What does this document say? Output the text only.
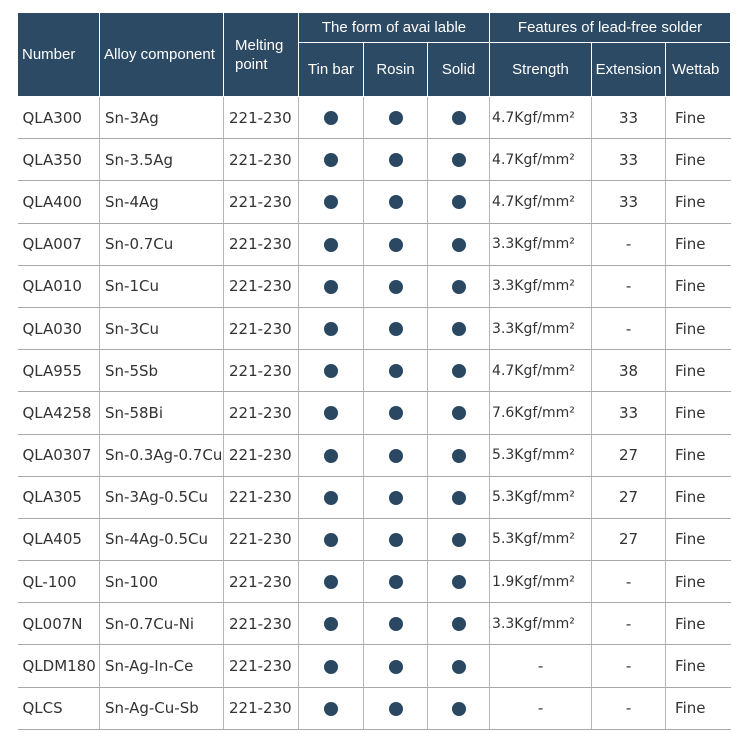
Number	Alloy component	Melting point	The form of avai lable			Features of lead-free solder		
			Tin bar	Rosin	Solid	Strength	Extension	Wettab
QLA300	Sn-3Ag	221-230				4.7Kgf/mm²	33	Fine
QLA350	Sn-3.5Ag	221-230				4.7Kgf/mm²	33	Fine
QLA400	Sn-4Ag	221-230				4.7Kgf/mm²	33	Fine
QLA007	Sn-0.7Cu	221-230				3.3Kgf/mm²	-	Fine
QLA010	Sn-1Cu	221-230				3.3Kgf/mm²	-	Fine
QLA030	Sn-3Cu	221-230				3.3Kgf/mm²	-	Fine
QLA955	Sn-5Sb	221-230				4.7Kgf/mm²	38	Fine
QLA4258	Sn-58Bi	221-230				7.6Kgf/mm²	33	Fine
QLA0307	Sn-0.3Ag-0.7Cu	221-230				5.3Kgf/mm²	27	Fine
QLA305	Sn-3Ag-0.5Cu	221-230				5.3Kgf/mm²	27	Fine
QLA405	Sn-4Ag-0.5Cu	221-230				5.3Kgf/mm²	27	Fine
QL-100	Sn-100	221-230				1.9Kgf/mm²	-	Fine
QL007N	Sn-0.7Cu-Ni	221-230				3.3Kgf/mm²	-	Fine
QLDM180	Sn-Ag-In-Ce	221-230				-	-	Fine
QLCS	Sn-Ag-Cu-Sb	221-230				-	-	Fine
